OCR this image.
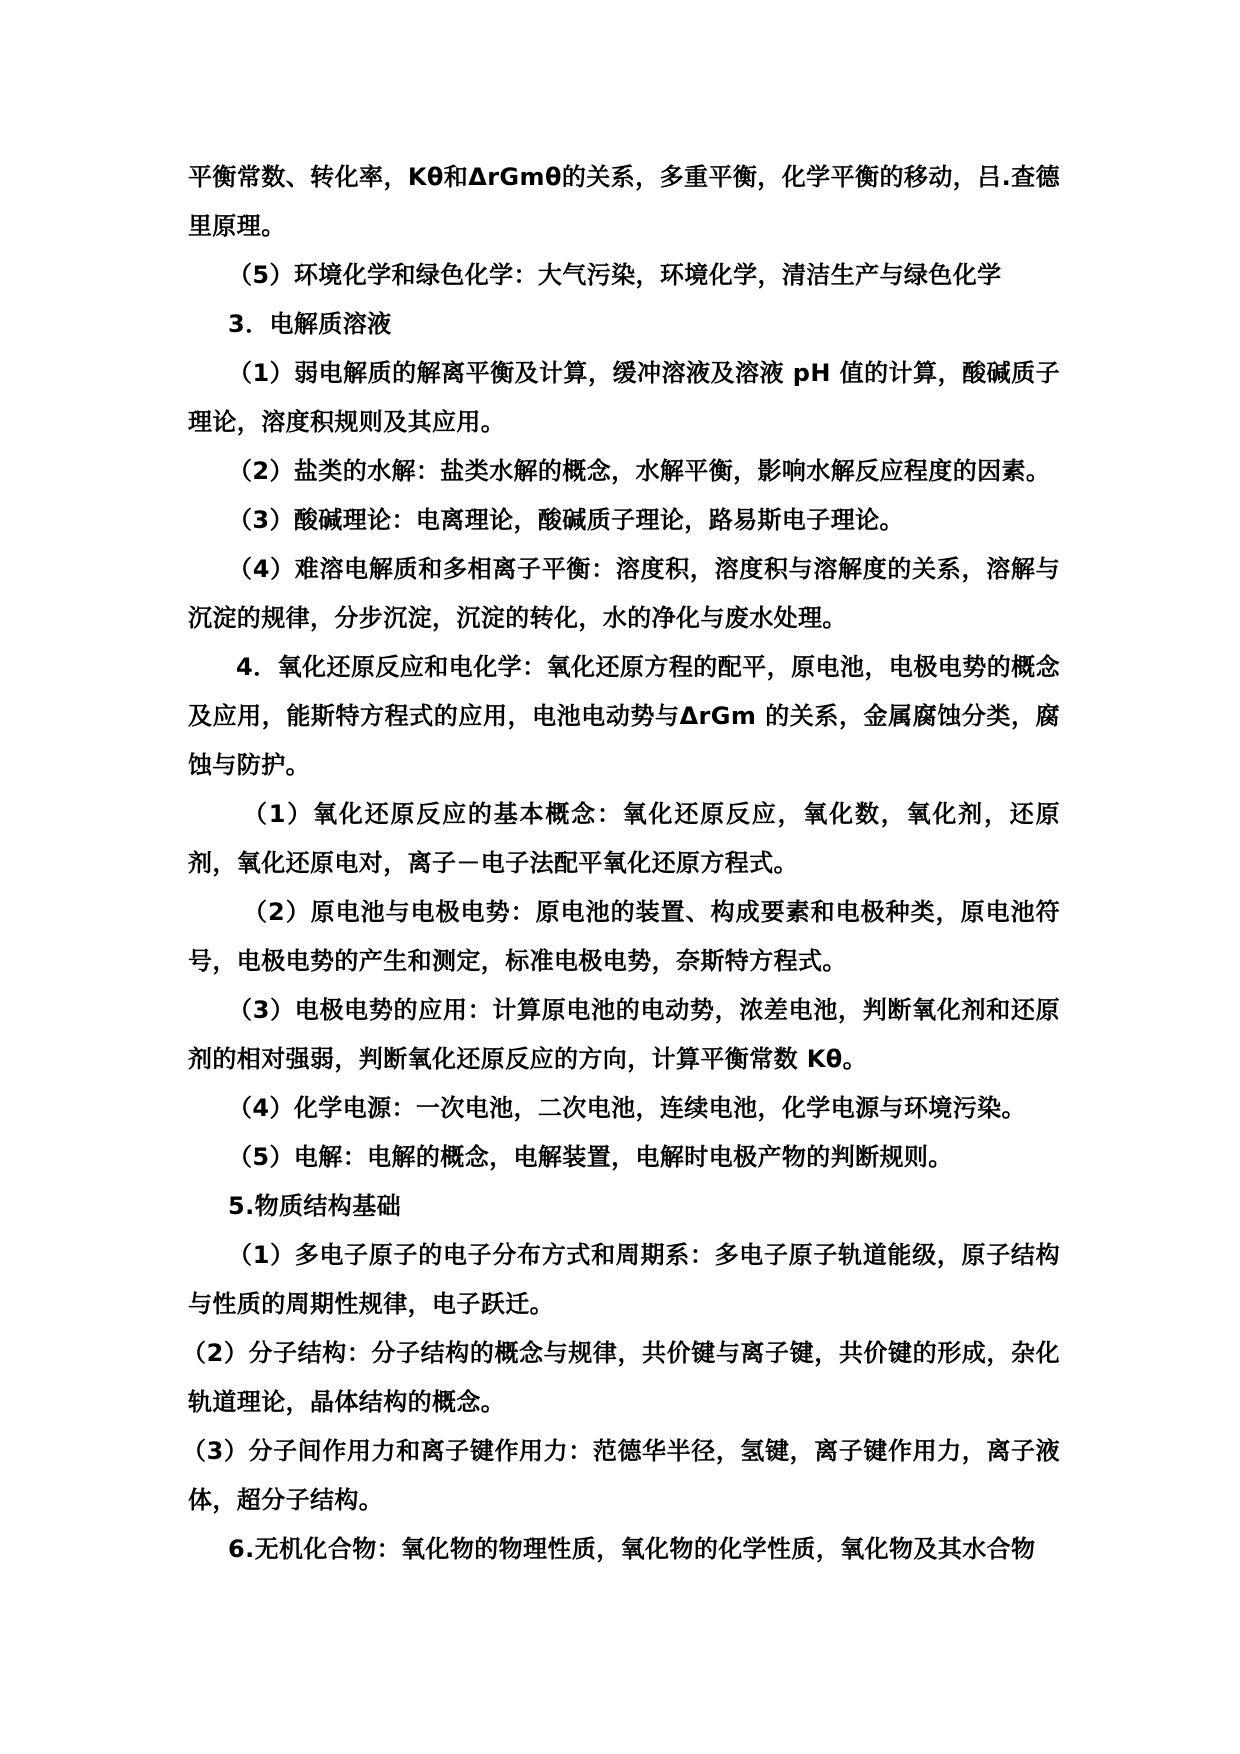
平衡常数、转化率，Kθ和ΔrGmθ的关系，多重平衡，化学平衡的移动，吕.查德里原理。

（5）环境化学和绿色化学：大气污染，环境化学，清洁生产与绿色化学

3．电解质溶液

（1）弱电解质的解离平衡及计算，缓冲溶液及溶液 pH 值的计算，酸碱质子理论，溶度积规则及其应用。

（2）盐类的水解：盐类水解的概念，水解平衡，影响水解反应程度的因素。

（3）酸碱理论：电离理论，酸碱质子理论，路易斯电子理论。

（4）难溶电解质和多相离子平衡：溶度积，溶度积与溶解度的关系，溶解与沉淀的规律，分步沉淀，沉淀的转化，水的净化与废水处理。

4．氧化还原反应和电化学：氧化还原方程的配平，原电池，电极电势的概念及应用，能斯特方程式的应用，电池电动势与ΔrGm 的关系，金属腐蚀分类，腐蚀与防护。

（1）氧化还原反应的基本概念：氧化还原反应，氧化数，氧化剂，还原剂，氧化还原电对，离子－电子法配平氧化还原方程式。

（2）原电池与电极电势：原电池的装置、构成要素和电极种类，原电池符号，电极电势的产生和测定，标准电极电势，奈斯特方程式。

（3）电极电势的应用：计算原电池的电动势，浓差电池，判断氧化剂和还原剂的相对强弱，判断氧化还原反应的方向，计算平衡常数 Kθ。

（4）化学电源：一次电池，二次电池，连续电池，化学电源与环境污染。

（5）电解：电解的概念，电解装置，电解时电极产物的判断规则。

5.物质结构基础

（1）多电子原子的电子分布方式和周期系：多电子原子轨道能级，原子结构与性质的周期性规律，电子跃迁。

（2）分子结构：分子结构的概念与规律，共价键与离子键，共价键的形成，杂化轨道理论，晶体结构的概念。

（3）分子间作用力和离子键作用力：范德华半径，氢键，离子键作用力，离子液体，超分子结构。

6.无机化合物：氧化物的物理性质，氧化物的化学性质，氧化物及其水合物
